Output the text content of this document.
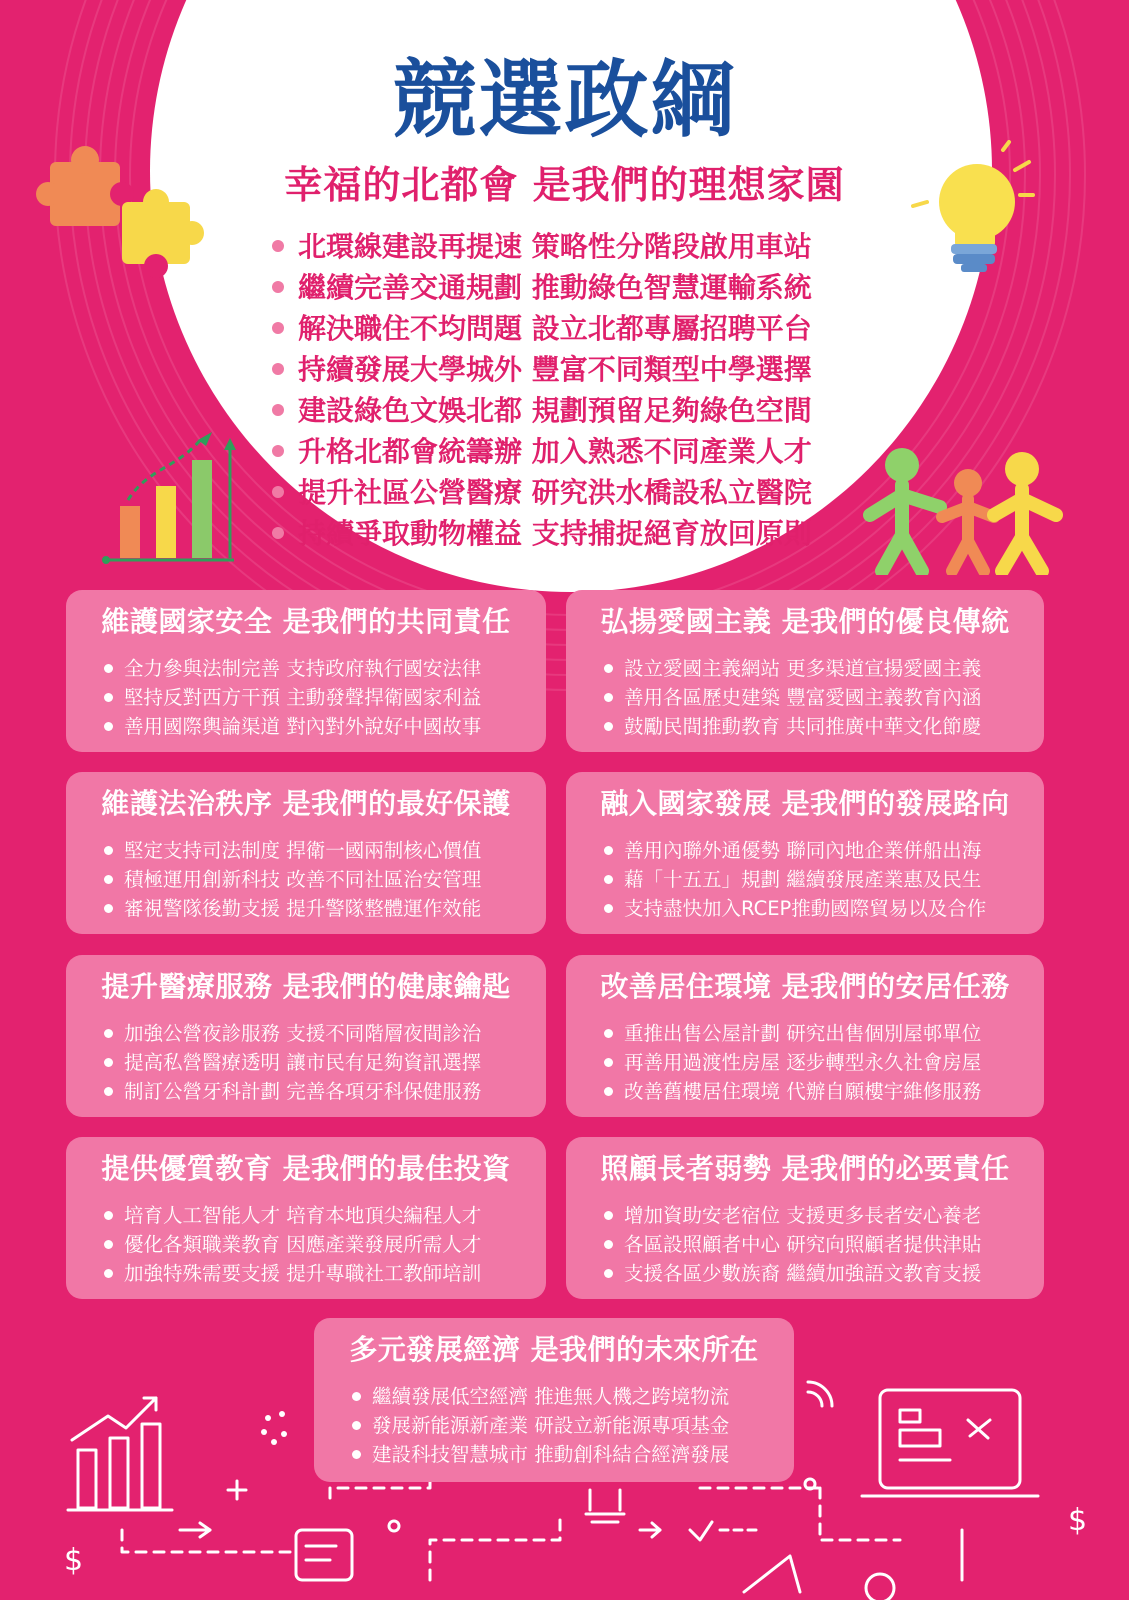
競選政綱
幸福的北都會 是我們的理想家園
北環線建設再提速 策略性分階段啟用車站
繼續完善交通規劃 推動綠色智慧運輸系統
解決職住不均問題 設立北都專屬招聘平台
持續發展大學城外 豐富不同類型中學選擇
建設綠色文娛北都 規劃預留足夠綠色空間
升格北都會統籌辦 加入熟悉不同產業人才
提升社區公營醫療 研究洪水橋設私立醫院
持續爭取動物權益 支持捕捉絕育放回原則
$
$
維護國家安全 是我們的共同責任
全力參與法制完善 支持政府執行國安法律
堅持反對西方干預 主動發聲捍衛國家利益
善用國際輿論渠道 對內對外說好中國故事
弘揚愛國主義 是我們的優良傳統
設立愛國主義網站 更多渠道宣揚愛國主義
善用各區歷史建築 豐富愛國主義教育內涵
鼓勵民間推動教育 共同推廣中華文化節慶
維護法治秩序 是我們的最好保護
堅定支持司法制度 捍衛一國兩制核心價值
積極運用創新科技 改善不同社區治安管理
審視警隊後勤支援 提升警隊整體運作效能
融入國家發展 是我們的發展路向
善用內聯外通優勢 聯同內地企業併船出海
藉「十五五」規劃 繼續發展產業惠及民生
支持盡快加入RCEP推動國際貿易以及合作
提升醫療服務 是我們的健康鑰匙
加強公營夜診服務 支援不同階層夜間診治
提高私營醫療透明 讓市民有足夠資訊選擇
制訂公營牙科計劃 完善各項牙科保健服務
改善居住環境 是我們的安居任務
重推出售公屋計劃 研究出售個別屋邨單位
再善用過渡性房屋 逐步轉型永久社會房屋
改善舊樓居住環境 代辦自願樓宇維修服務
提供優質教育 是我們的最佳投資
培育人工智能人才 培育本地頂尖編程人才
優化各類職業教育 因應產業發展所需人才
加強特殊需要支援 提升專職社工教師培訓
照顧長者弱勢 是我們的必要責任
增加資助安老宿位 支援更多長者安心養老
各區設照顧者中心 研究向照顧者提供津貼
支援各區少數族裔 繼續加強語文教育支援
多元發展經濟 是我們的未來所在
繼續發展低空經濟 推進無人機之跨境物流
發展新能源新產業 研設立新能源專項基金
建設科技智慧城市 推動創科結合經濟發展
